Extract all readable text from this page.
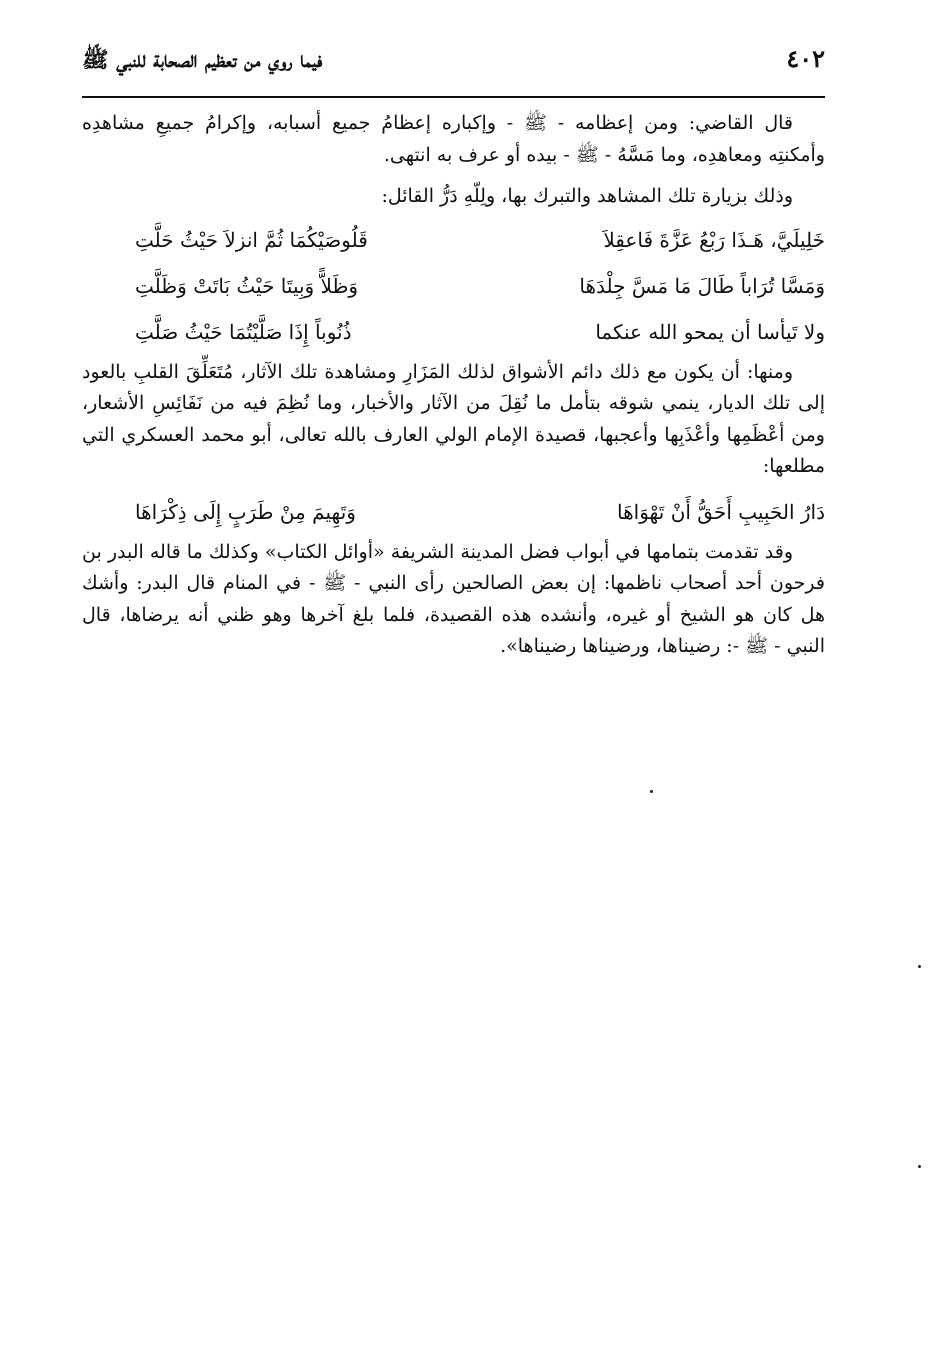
٤٠٢
فيما روي من تعظيم الصحابة للنبي ﷺ

قال القاضي: ومن إعظامه - ﷺ - وإكباره إعظامُ جميع أسبابه، وإكرامُ جميعِ مشاهدِه وأمكنتِه ومعاهدِه، وما مَسَّهُ - ﷺ - بيده أو عرف به انتهى.

وذلك بزيارة تلك المشاهد والتبرك بها، ولِلّهِ دَرُّ القائل:

خَلِيلَيَّ، هَـذَا رَبْعُ عَزَّةَ فَاعقِلاَ
قَلُوصَيْكُمَا ثُمَّ انزلاَ حَيْثُ حَلَّتِ
وَمَسَّا تُرَاباً طَالَ مَا مَسَّ جِلْدَهَا
وَظَلاًّ وَبِيتَا حَيْثُ بَاتَتْ وَظَلَّتِ
ولا تَيأسا أن يمحو الله عنكما
ذُنُوباً إِذَا صَلَّيْتُمَا حَيْثُ صَلَّتِ

ومنها: أن يكون مع ذلك دائم الأشواق لذلك المَزَارِ ومشاهدة تلك الآثار، مُتَعَلِّقَ القلبِ بالعود إلى تلك الديار، ينمي شوقه بتأمل ما نُقِلَ من الآثار والأخبار، وما نُظِمَ فيه من نَفَائِسِ الأشعار، ومن أعْظَمِها وأعْذَبِها وأعجبها، قصيدة الإمام الولي العارف بالله تعالى، أبو محمد العسكري التي مطلعها:

دَارُ الحَبِيبِ أَحَقُّ أَنْ تَهْوَاهَا
وَتَهِيمَ مِنْ طَرَبٍ إِلَى ذِكْرَاهَا

وقد تقدمت بتمامها في أبواب فضل المدينة الشريفة «أوائل الكتاب» وكذلك ما قاله البدر بن فرحون أحد أصحاب ناظمها: إن بعض الصالحين رأى النبي - ﷺ - في المنام قال البدر: وأشك هل كان هو الشيخ أو غيره، وأنشده هذه القصيدة، فلما بلغ آخرها وهو ظني أنه يرضاها، قال النبي - ﷺ -: رضيناها، ورضيناها رضيناها».
